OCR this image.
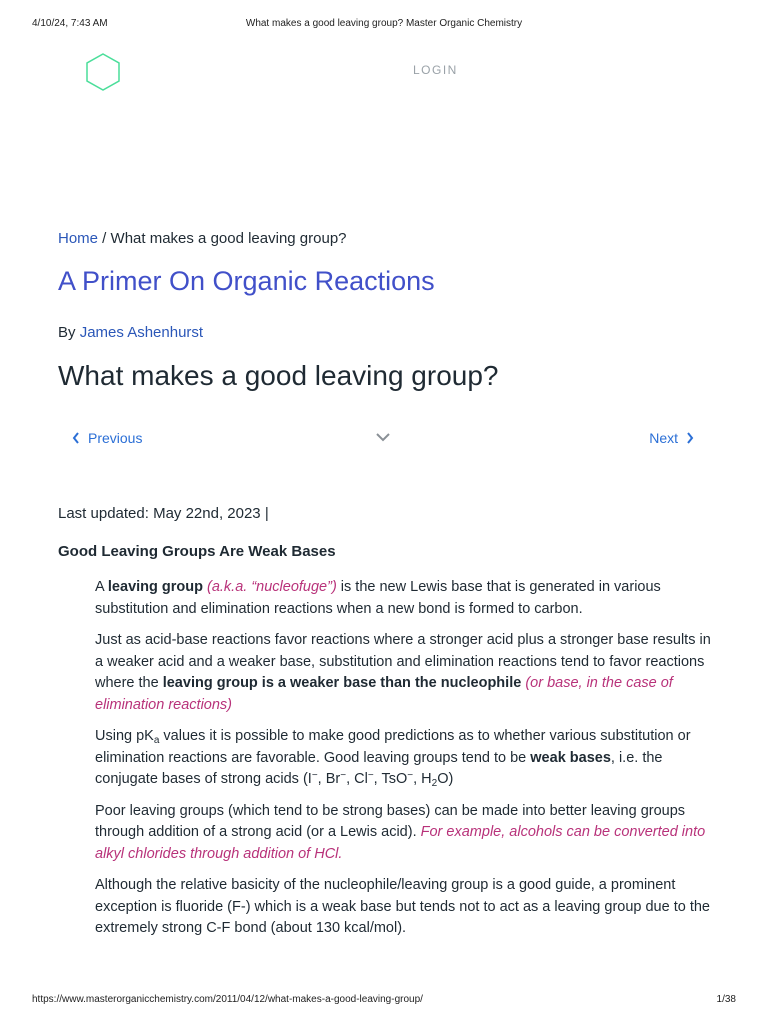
4/10/24, 7:43 AM	What makes a good leaving group? Master Organic Chemistry
LOGIN
Home / What makes a good leaving group?
A Primer On Organic Reactions
By James Ashenhurst
What makes a good leaving group?
Previous	Next
Last updated: May 22nd, 2023 |
Good Leaving Groups Are Weak Bases

A leaving group (a.k.a. “nucleofuge”) is the new Lewis base that is generated in various substitution and elimination reactions when a new bond is formed to carbon.

Just as acid-base reactions favor reactions where a stronger acid plus a stronger base results in a weaker acid and a weaker base, substitution and elimination reactions tend to favor reactions where the leaving group is a weaker base than the nucleophile (or base, in the case of elimination reactions)

Using $pK_a$ values it is possible to make good predictions as to whether various substitution or elimination reactions are favorable. Good leaving groups tend to be weak bases, i.e. the conjugate bases of strong acids (I−, Br−, Cl−, TsO−, $H_2O$)

Poor leaving groups (which tend to be strong bases) can be made into better leaving groups through addition of a strong acid (or a Lewis acid). For example, alcohols can be converted into alkyl chlorides through addition of HCl.

Although the relative basicity of the nucleophile/leaving group is a good guide, a prominent exception is fluoride (F-) which is a weak base but tends not to act as a leaving group due to the extremely strong C-F bond (about 130 kcal/mol).

https://www.masterorganicchemistry.com/2011/04/12/what-makes-a-good-leaving-group/	1/38
